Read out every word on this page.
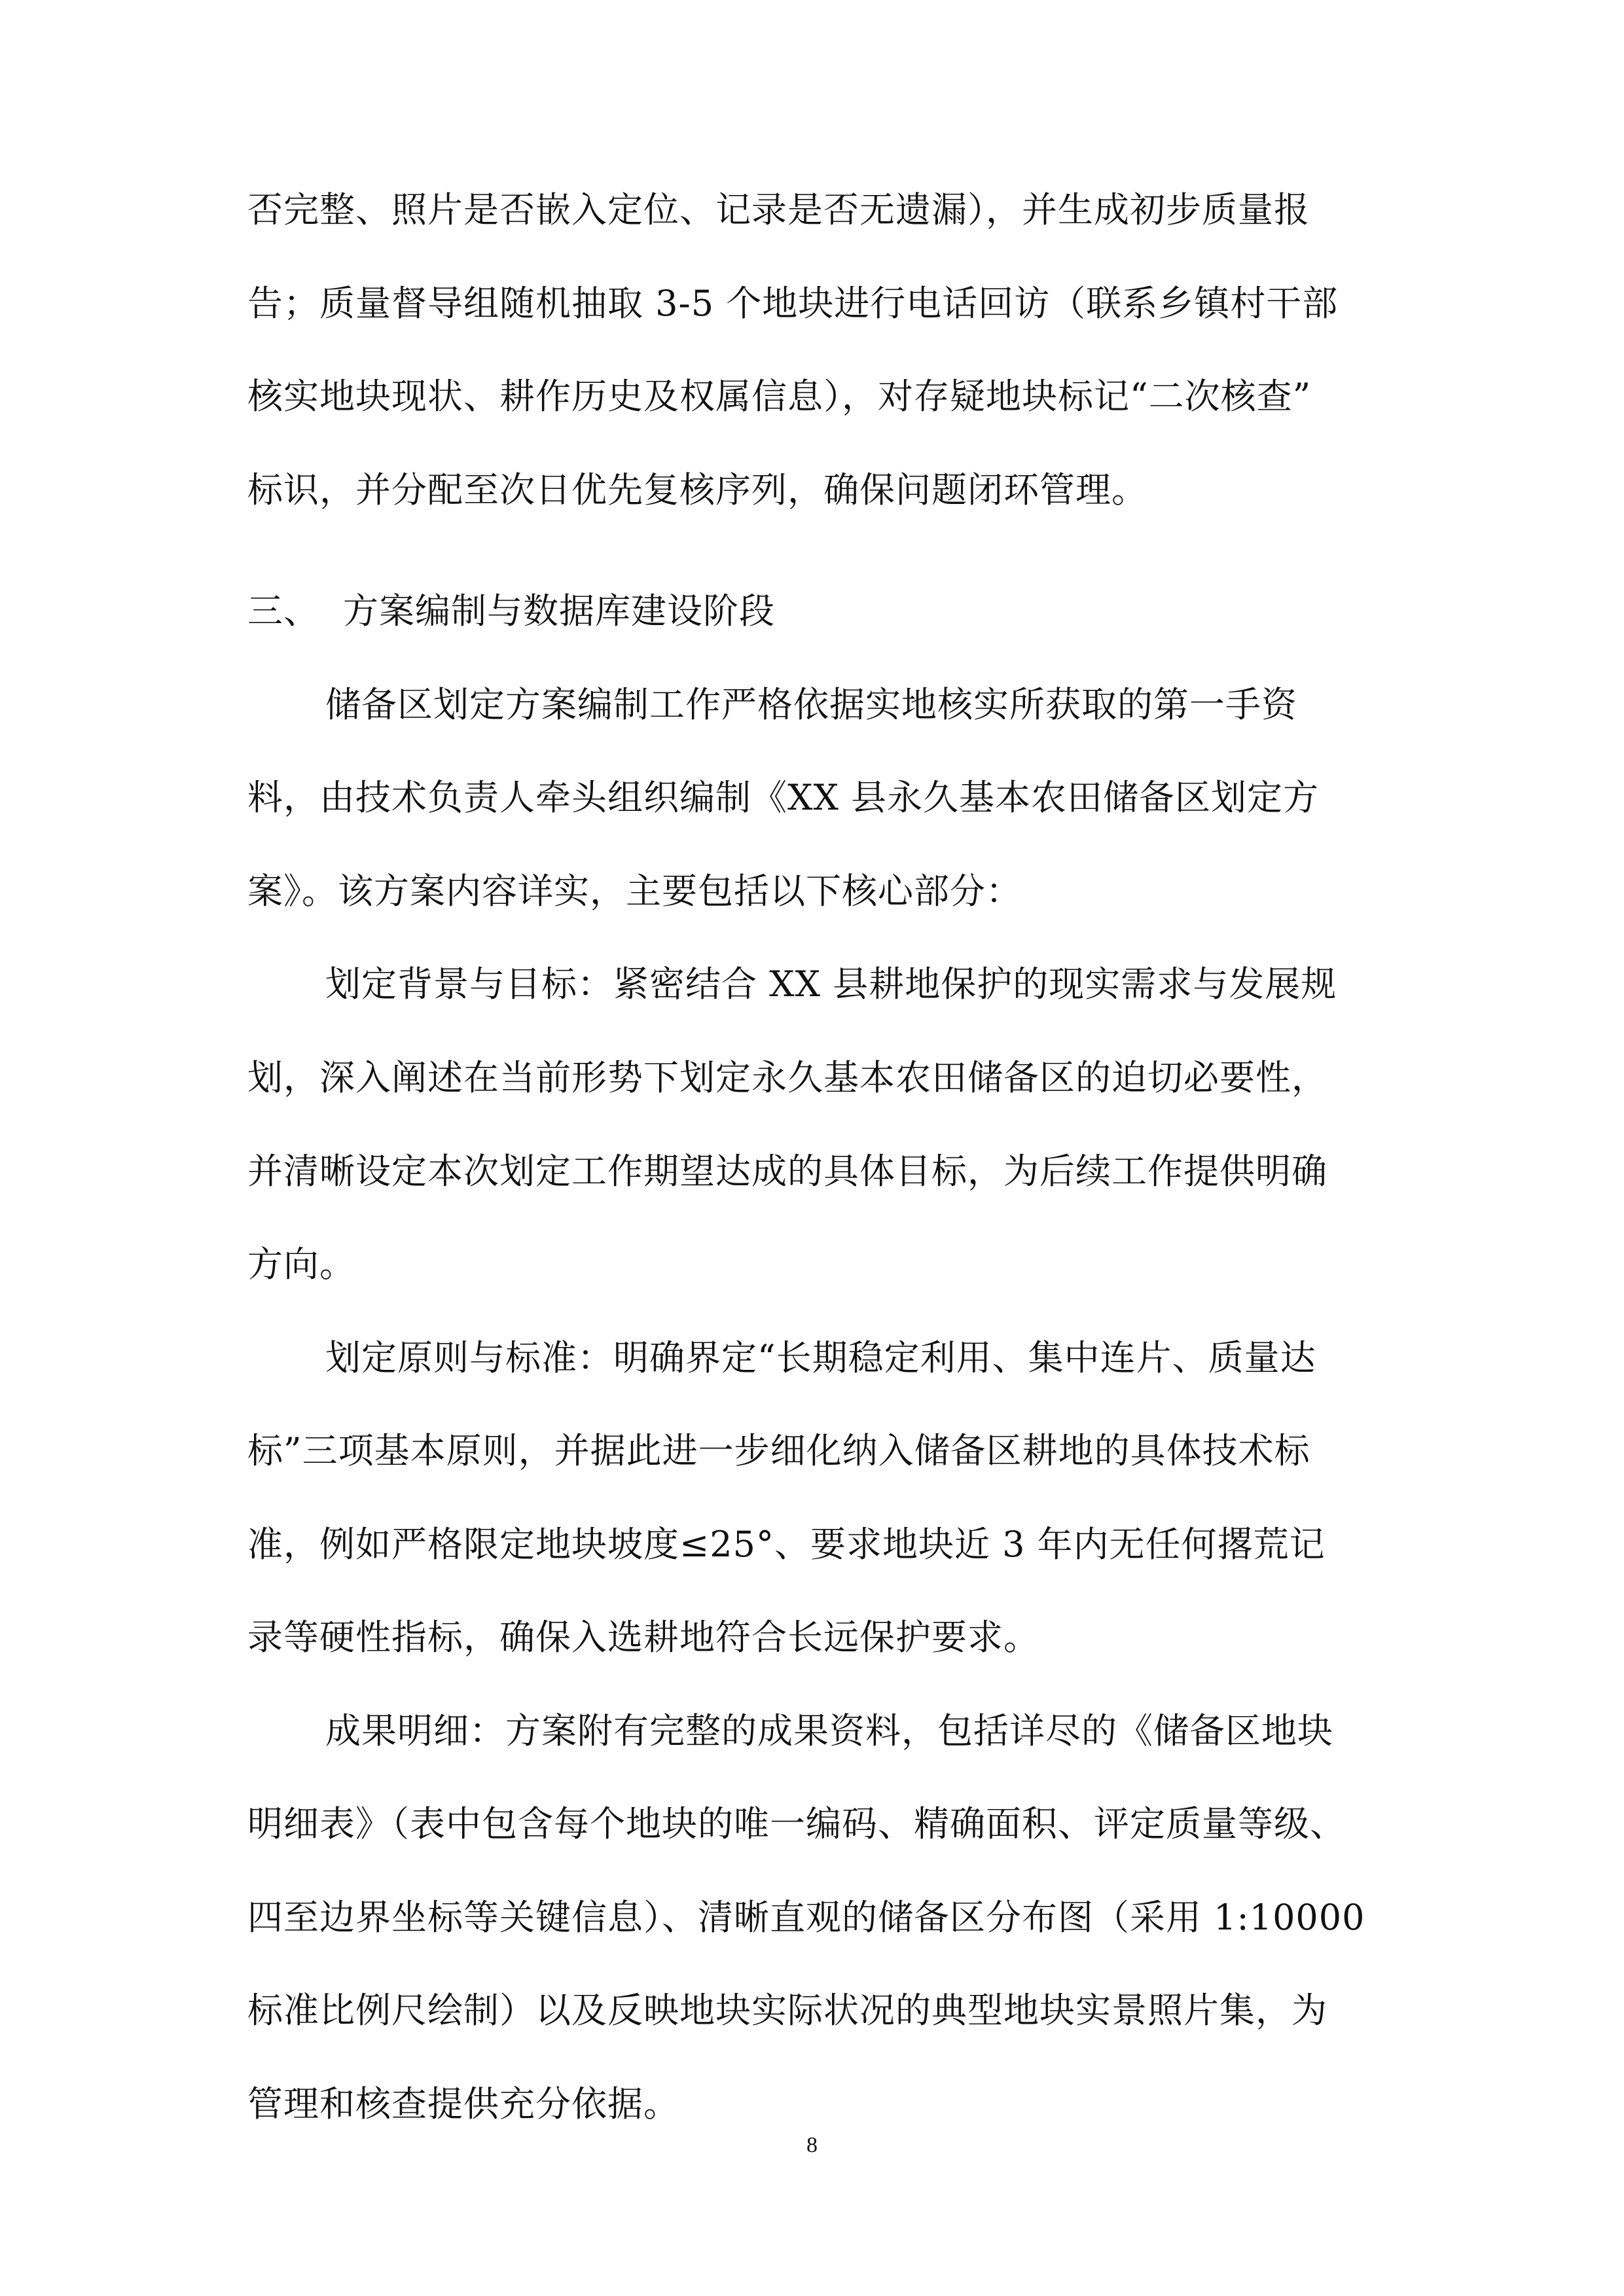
否完整、照片是否嵌入定位、记录是否无遗漏），并生成初步质量报
告；质量督导组随机抽取 3-5 个地块进行电话回访（联系乡镇村干部
核实地块现状、耕作历史及权属信息），对存疑地块标记“二次核查”
标识，并分配至次日优先复核序列，确保问题闭环管理。
三、 方案编制与数据库建设阶段
储备区划定方案编制工作严格依据实地核实所获取的第一手资
料，由技术负责人牵头组织编制《XX 县永久基本农田储备区划定方
案》。该方案内容详实，主要包括以下核心部分：
划定背景与目标：紧密结合 XX 县耕地保护的现实需求与发展规
划，深入阐述在当前形势下划定永久基本农田储备区的迫切必要性，
并清晰设定本次划定工作期望达成的具体目标，为后续工作提供明确
方向。
划定原则与标准：明确界定“长期稳定利用、集中连片、质量达
标”三项基本原则，并据此进一步细化纳入储备区耕地的具体技术标
准，例如严格限定地块坡度≤25°、要求地块近 3 年内无任何撂荒记
录等硬性指标，确保入选耕地符合长远保护要求。
成果明细：方案附有完整的成果资料，包括详尽的《储备区地块
明细表》（表中包含每个地块的唯一编码、精确面积、评定质量等级、
四至边界坐标等关键信息）、清晰直观的储备区分布图（采用 1:10000
标准比例尺绘制）以及反映地块实际状况的典型地块实景照片集，为
管理和核查提供充分依据。
8
